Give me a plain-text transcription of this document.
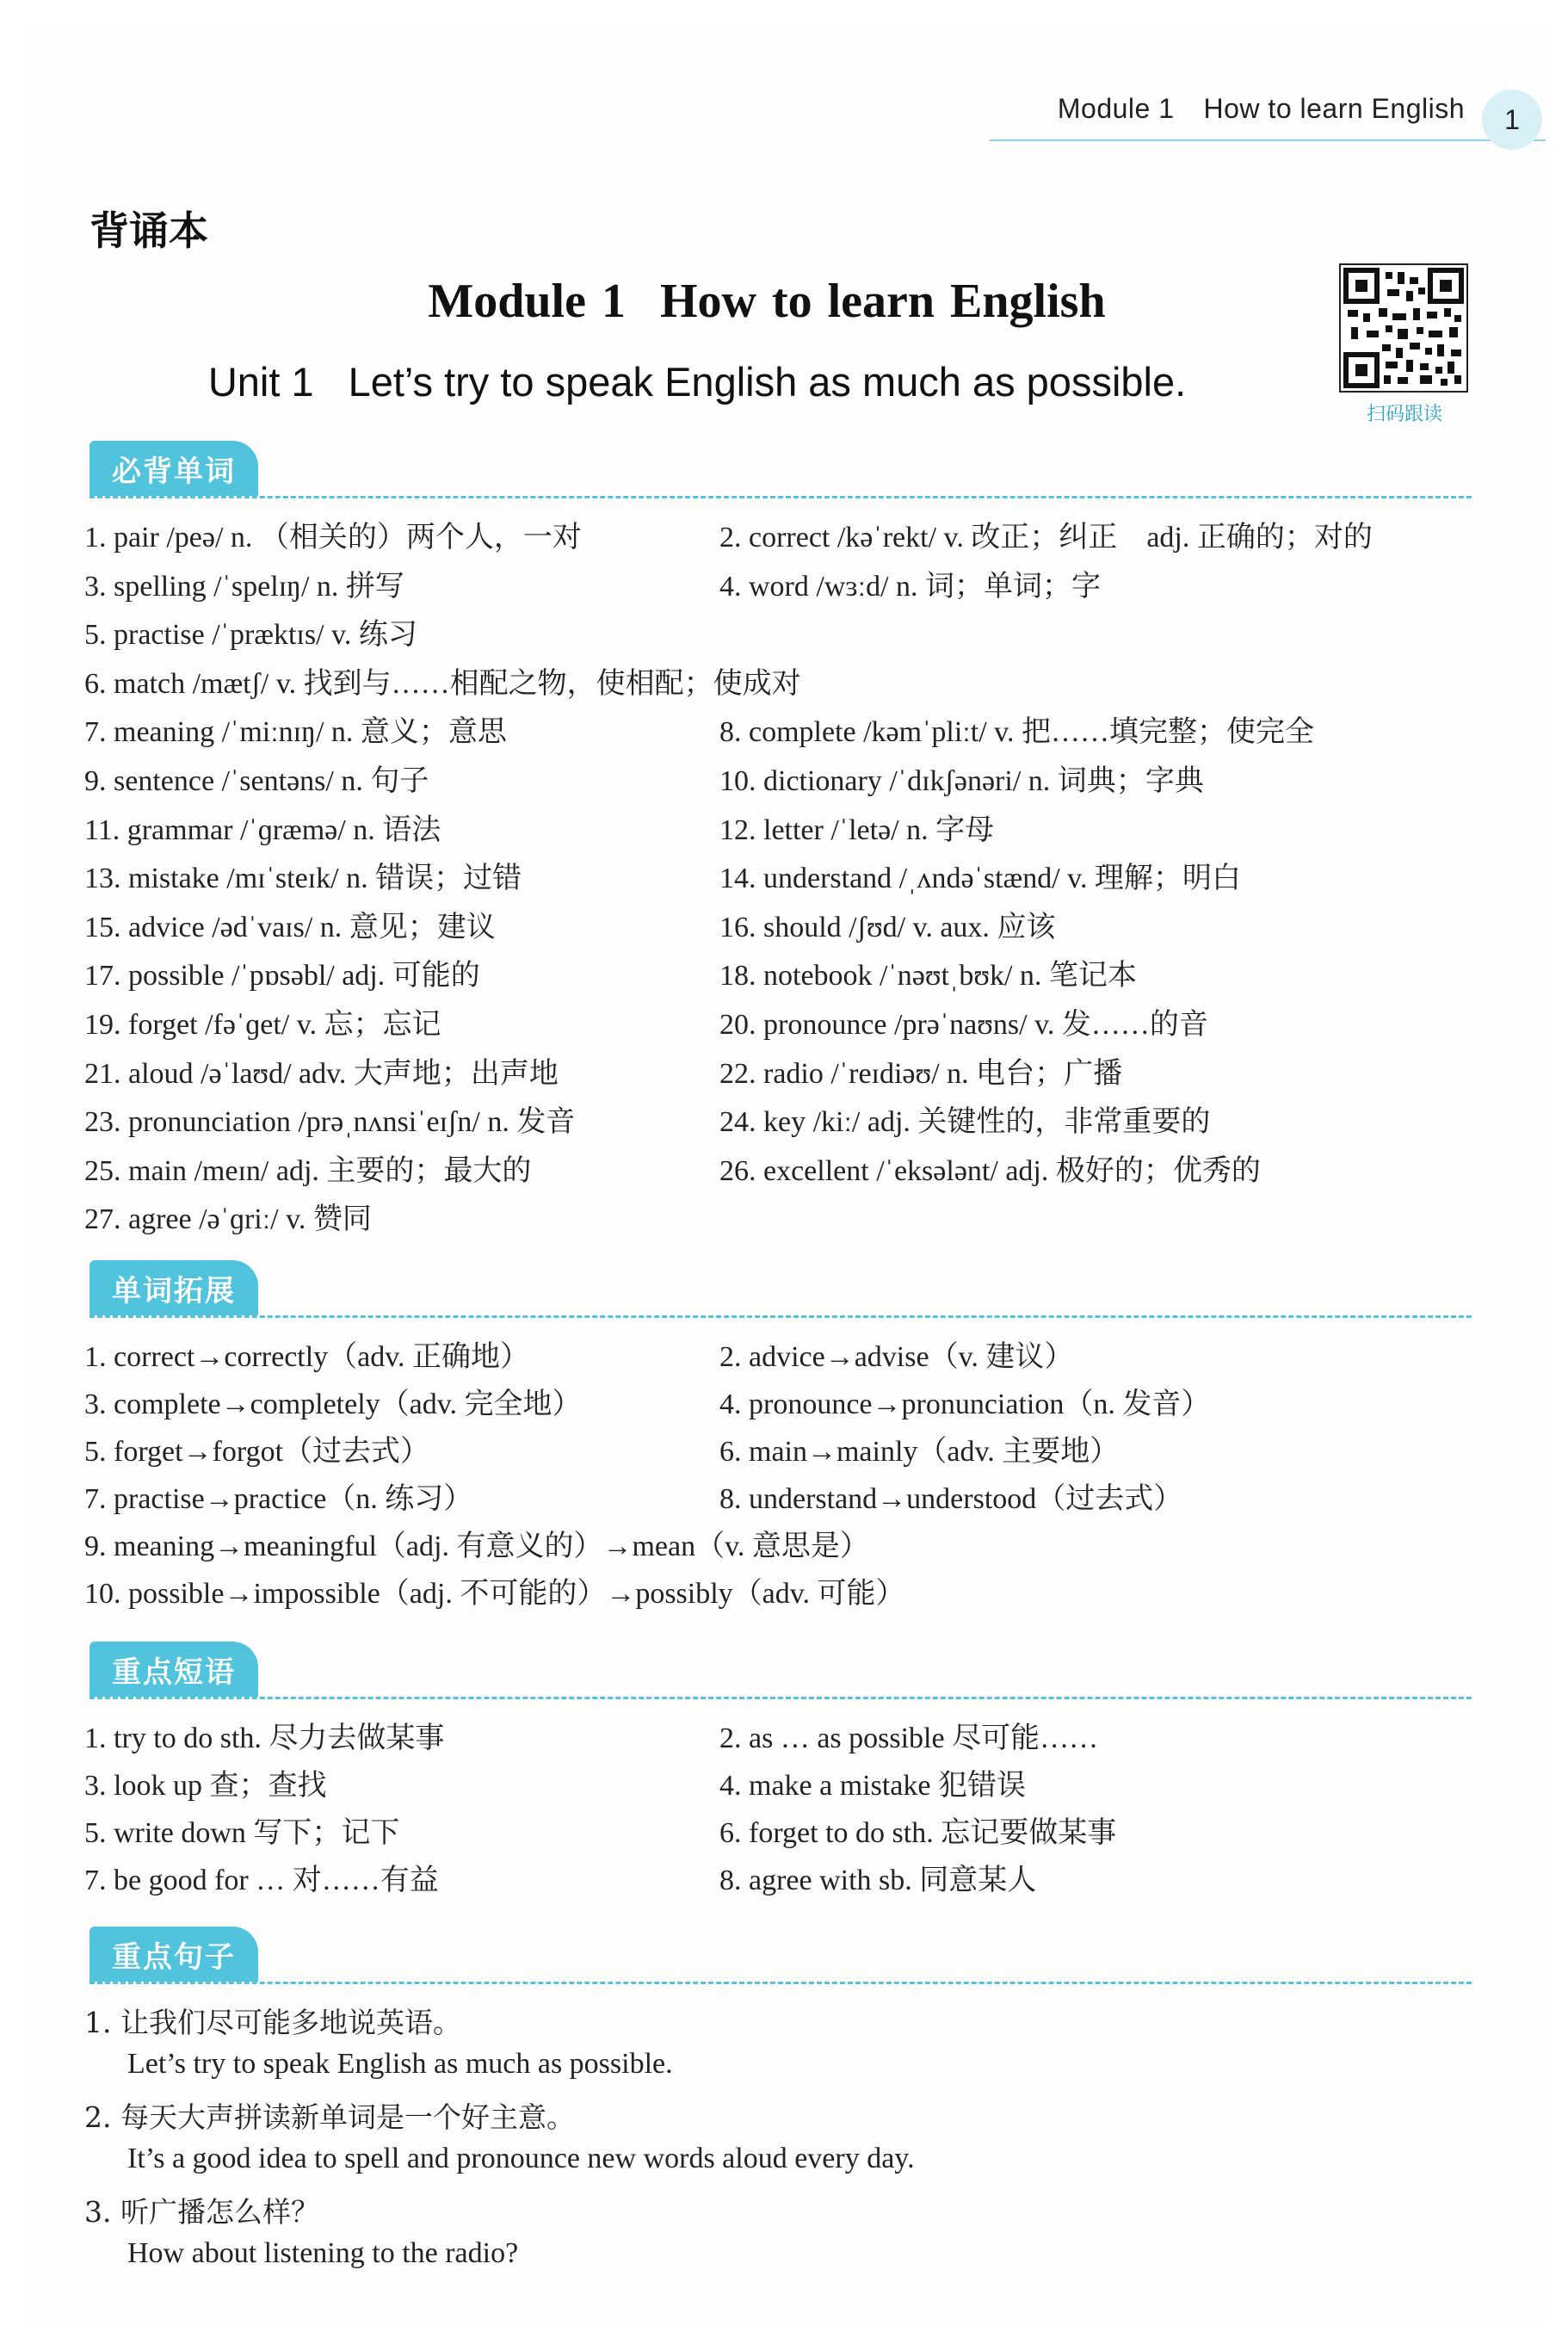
Module 1 How to learn English	1
背诵本
Module 1 How to learn English
Unit 1 Let’s try to speak English as much as possible.
扫码跟读
必背单词
1. pair /peə/ n. （相关的）两个人，一对	2. correct /kəˈrekt/ v. 改正；纠正　adj. 正确的；对的
3. spelling /ˈspelɪŋ/ n. 拼写	4. word /wɜːd/ n. 词；单词；字
5. practise /ˈpræktɪs/ v. 练习
6. match /mætʃ/ v. 找到与……相配之物，使相配；使成对
7. meaning /ˈmiːnɪŋ/ n. 意义；意思	8. complete /kəmˈpliːt/ v. 把……填完整；使完全
9. sentence /ˈsentəns/ n. 句子	10. dictionary /ˈdɪkʃənəri/ n. 词典；字典
11. grammar /ˈɡræmə/ n. 语法	12. letter /ˈletə/ n. 字母
13. mistake /mɪˈsteɪk/ n. 错误；过错	14. understand /ˌʌndəˈstænd/ v. 理解；明白
15. advice /ədˈvaɪs/ n. 意见；建议	16. should /ʃʊd/ v. aux. 应该
17. possible /ˈpɒsəbl/ adj. 可能的	18. notebook /ˈnəʊtˌbʊk/ n. 笔记本
19. forget /fəˈɡet/ v. 忘；忘记	20. pronounce /prəˈnaʊns/ v. 发……的音
21. aloud /əˈlaʊd/ adv. 大声地；出声地	22. radio /ˈreɪdiəʊ/ n. 电台；广播
23. pronunciation /prəˌnʌnsiˈeɪʃn/ n. 发音	24. key /kiː/ adj. 关键性的，非常重要的
25. main /meɪn/ adj. 主要的；最大的	26. excellent /ˈeksələnt/ adj. 极好的；优秀的
27. agree /əˈɡriː/ v. 赞同
单词拓展
1. correct→correctly（adv. 正确地）	2. advice→advise（v. 建议）
3. complete→completely（adv. 完全地）	4. pronounce→pronunciation（n. 发音）
5. forget→forgot（过去式）	6. main→mainly（adv. 主要地）
7. practise→practice（n. 练习）	8. understand→understood（过去式）
9. meaning→meaningful（adj. 有意义的）→mean（v. 意思是）
10. possible→impossible（adj. 不可能的）→possibly（adv. 可能）
重点短语
1. try to do sth. 尽力去做某事	2. as … as possible 尽可能……
3. look up 查；查找	4. make a mistake 犯错误
5. write down 写下；记下	6. forget to do sth. 忘记要做某事
7. be good for … 对……有益	8. agree with sb. 同意某人
重点句子
1. 让我们尽可能多地说英语。
Let’s try to speak English as much as possible.
2. 每天大声拼读新单词是一个好主意。
It’s a good idea to spell and pronounce new words aloud every day.
3. 听广播怎么样？
How about listening to the radio?
